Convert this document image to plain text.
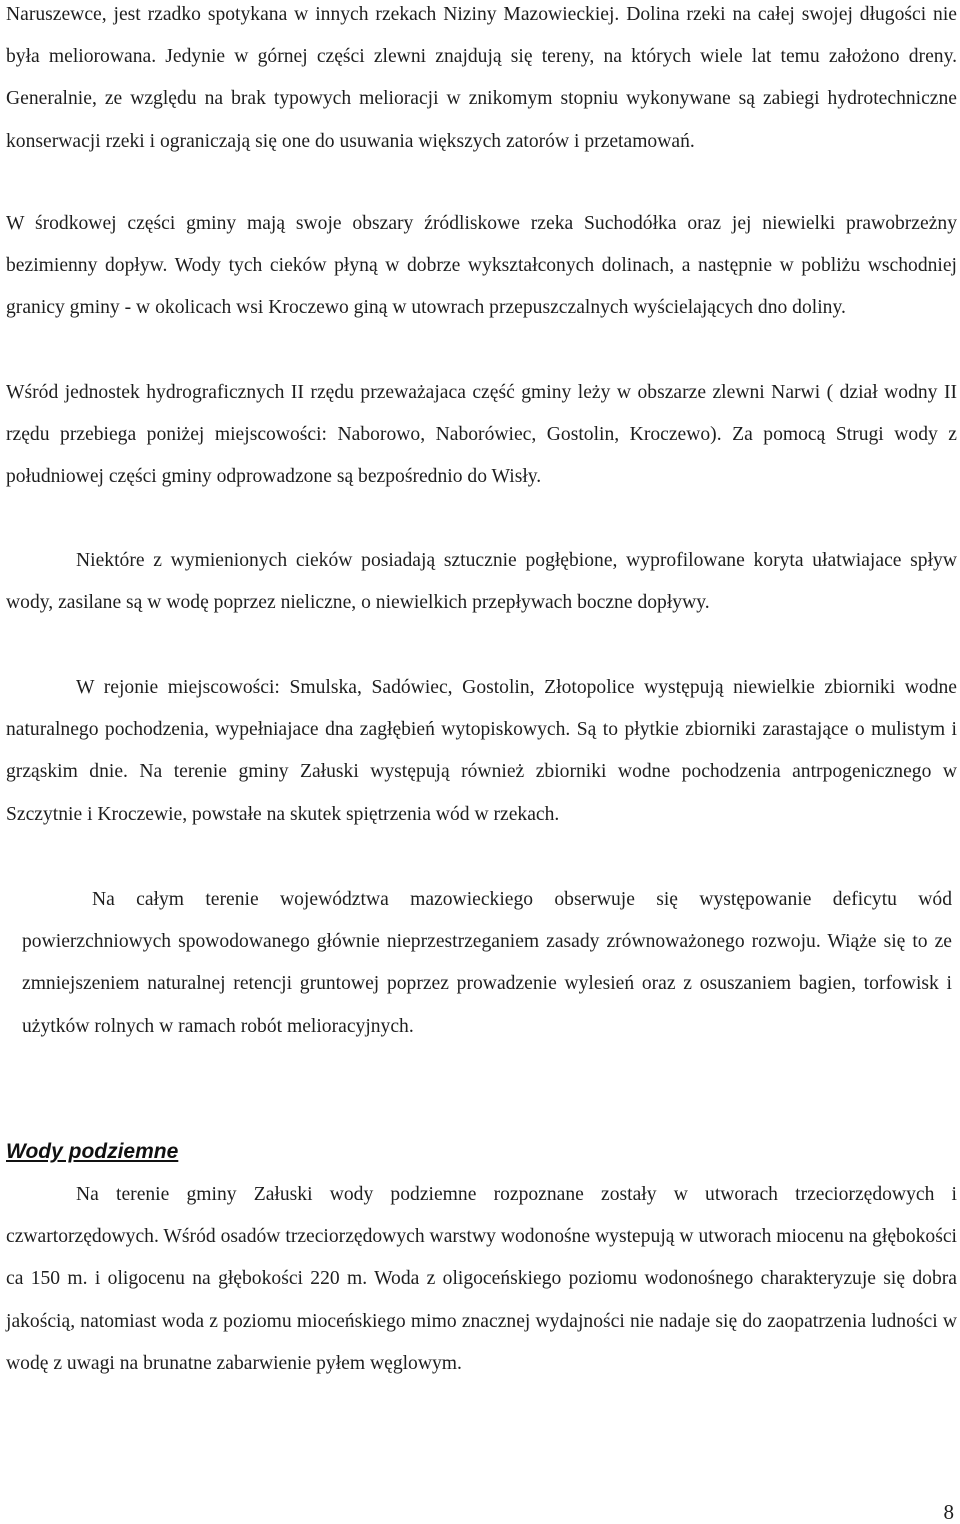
Naruszewce, jest rzadko spotykana w innych rzekach Niziny Mazowieckiej. Dolina rzeki na całej swojej długości nie była meliorowana. Jedynie w górnej części zlewni znajdują się tereny, na których wiele lat temu założono dreny. Generalnie, ze względu na brak typowych melioracji w znikomym stopniu wykonywane są zabiegi hydrotechniczne konserwacji rzeki i ograniczają się one do usuwania większych zatorów i przetamowań.

W środkowej części gminy mają swoje obszary źródliskowe rzeka Suchodółka oraz jej niewielki prawobrzeżny bezimienny dopływ. Wody tych cieków płyną w dobrze wykształconych dolinach, a następnie w pobliżu wschodniej granicy gminy - w okolicach wsi Kroczewo giną w utowrach przepuszczalnych wyścielających dno doliny.

Wśród jednostek hydrograficznych II rzędu przeważajaca część gminy leży w obszarze zlewni Narwi ( dział wodny II rzędu przebiega poniżej miejscowości: Naborowo, Naborówiec, Gostolin, Kroczewo). Za pomocą Strugi wody z południowej części gminy odprowadzone są bezpośrednio do Wisły.

Niektóre z wymienionych cieków posiadają sztucznie pogłębione, wyprofilowane koryta ułatwiajace spływ wody, zasilane są w wodę poprzez nieliczne, o niewielkich przepływach boczne dopływy.

W rejonie miejscowości: Smulska, Sadówiec, Gostolin, Złotopolice występują niewielkie zbiorniki wodne naturalnego pochodzenia, wypełniajace dna zagłębień wytopiskowych. Są to płytkie zbiorniki zarastające o mulistym i grząskim dnie. Na terenie gminy Załuski występują również zbiorniki wodne pochodzenia antrpogenicznego w Szczytnie i Kroczewie, powstałe na skutek spiętrzenia wód w rzekach.

Na całym terenie województwa mazowieckiego obserwuje się występowanie deficytu wód powierzchniowych spowodowanego głównie nieprzestrzeganiem zasady zrównoważonego rozwoju. Wiąże się to ze zmniejszeniem naturalnej retencji gruntowej poprzez prowadzenie wylesień oraz z osuszaniem bagien, torfowisk i użytków rolnych w ramach robót melioracyjnych.

Wody podziemne

Na terenie gminy Załuski wody podziemne rozpoznane zostały w utworach trzeciorzędowych i czwartorzędowych. Wśród osadów trzeciorzędowych warstwy wodonośne wystepują w utworach miocenu na głębokości ca 150 m. i oligocenu na głębokości 220 m. Woda z oligoceńskiego poziomu wodonośnego charakteryzuje się dobra jakością, natomiast woda z poziomu mioceńskiego mimo znacznej wydajności nie nadaje się do zaopatrzenia ludności w wodę z uwagi na brunatne zabarwienie pyłem węglowym.

8
